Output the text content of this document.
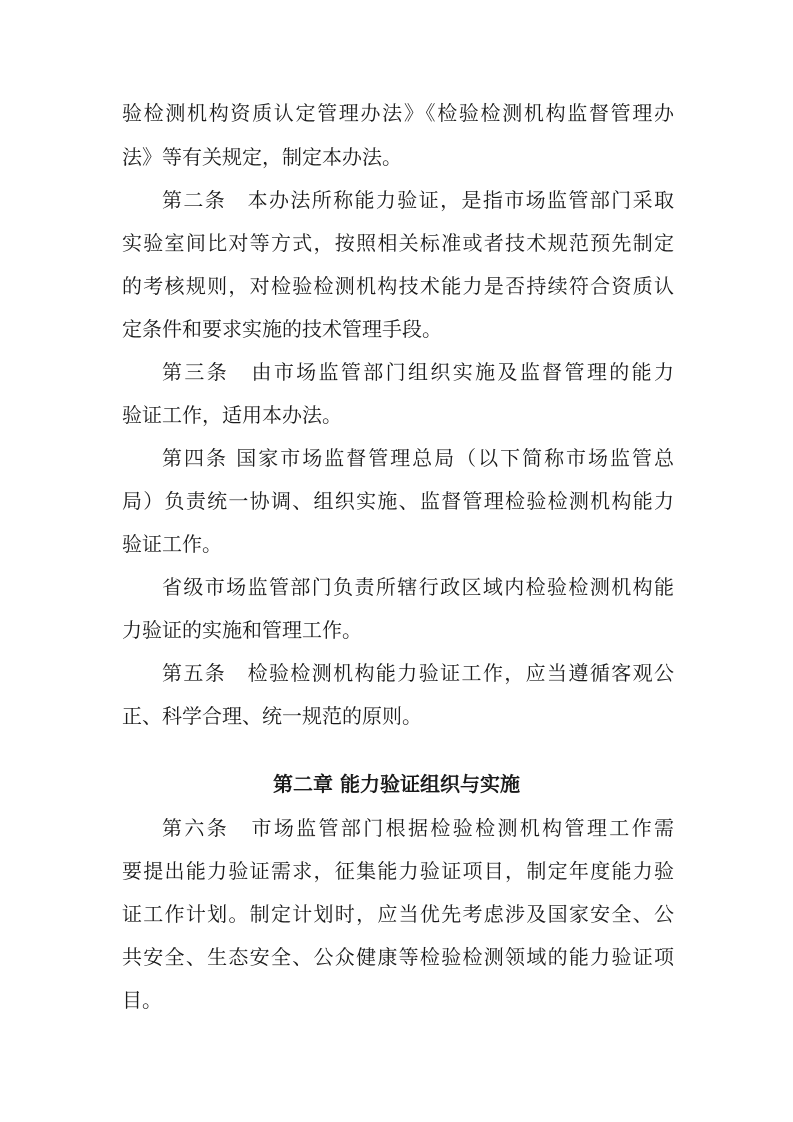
验检测机构资质认定管理办法》《检验检测机构监督管理办
法》等有关规定，制定本办法。
第二条　本办法所称能力验证，是指市场监管部门采取
实验室间比对等方式，按照相关标准或者技术规范预先制定
的考核规则，对检验检测机构技术能力是否持续符合资质认
定条件和要求实施的技术管理手段。
第三条　由市场监管部门组织实施及监督管理的能力
验证工作，适用本办法。
第四条 国家市场监督管理总局（以下简称市场监管总
局）负责统一协调、组织实施、监督管理检验检测机构能力
验证工作。
省级市场监管部门负责所辖行政区域内检验检测机构能
力验证的实施和管理工作。
第五条　检验检测机构能力验证工作，应当遵循客观公
正、科学合理、统一规范的原则。
第二章 能力验证组织与实施
第六条　市场监管部门根据检验检测机构管理工作需
要提出能力验证需求，征集能力验证项目，制定年度能力验
证工作计划。制定计划时，应当优先考虑涉及国家安全、公
共安全、生态安全、公众健康等检验检测领域的能力验证项
目。
